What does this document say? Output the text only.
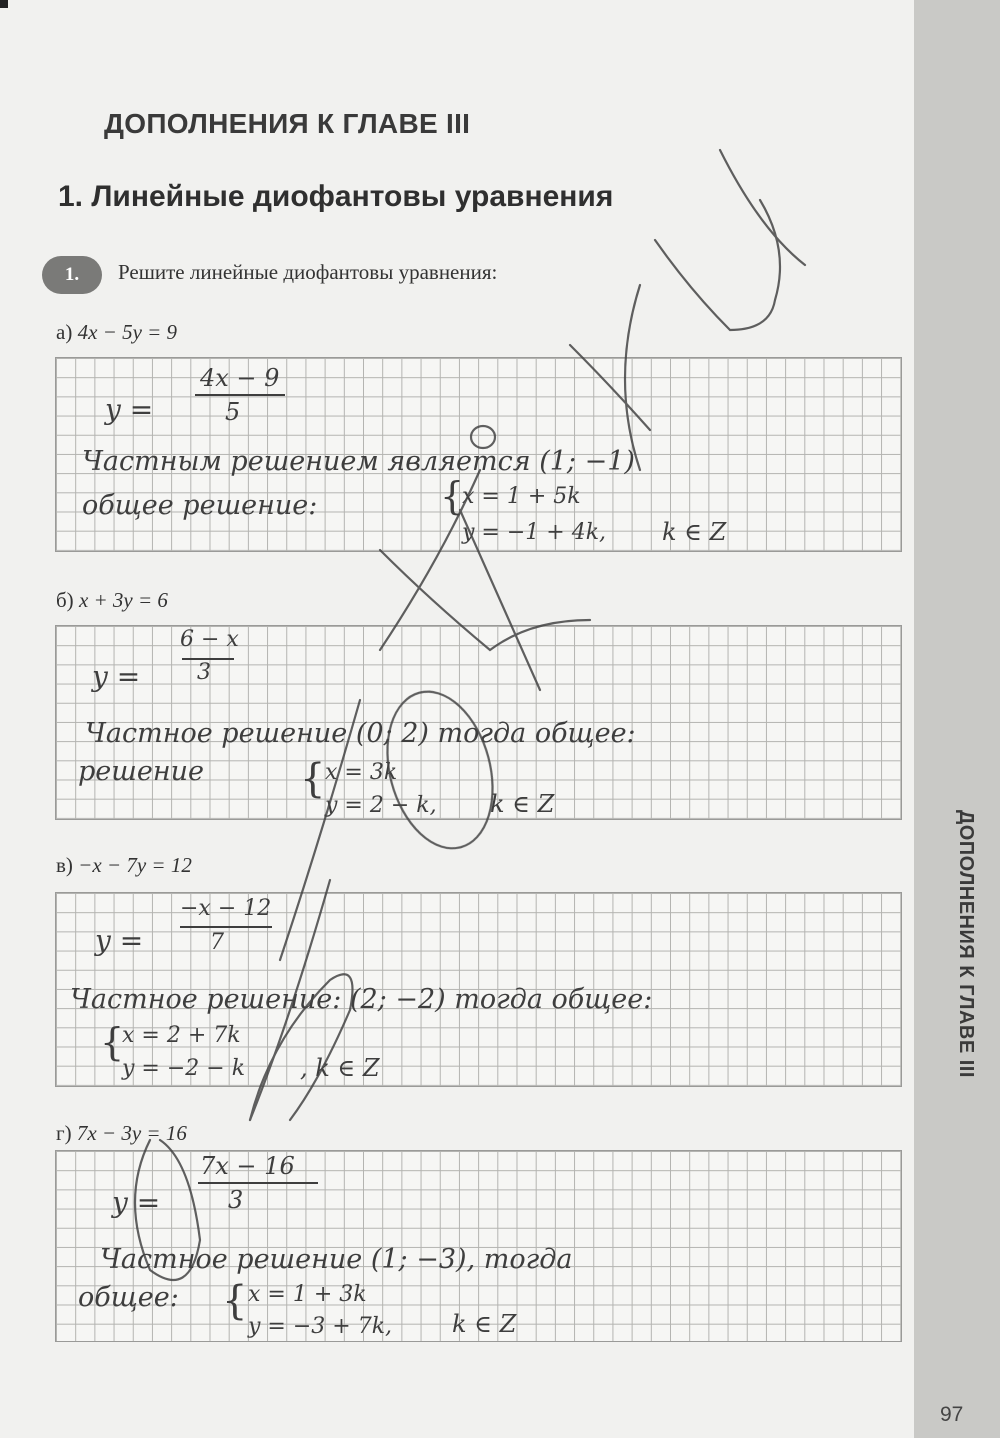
ДОПОЛНЕНИЯ К ГЛАВЕ III
97
ДОПОЛНЕНИЯ К ГЛАВЕ III
1. Линейные диофантовы уравнения
1.	Решите линейные диофантовы уравнения:
а) 4x − 5y = 9
y =
4x − 9
5
Частным решением является (1; −1)
общее решение:	{
x = 1 + 5k
y = −1 + 4k, k ∈ Z
б) x + 3y = 6
y =
6 − x
3
Частное решение (0; 2) тогда общее:
решение { x = 3k
y = 2 − k, k ∈ Z
в) −x − 7y = 12
y =
−x − 12
7
Частное решение: (2; −2) тогда общее:
{
x = 2 + 7k
y = −2 − k , k ∈ Z
г) 7x − 3y = 16
y =
7x − 16
3
Частное решение (1; −3), тогда
общее: { x = 1 + 3k
y = −3 + 7k, k ∈ Z
